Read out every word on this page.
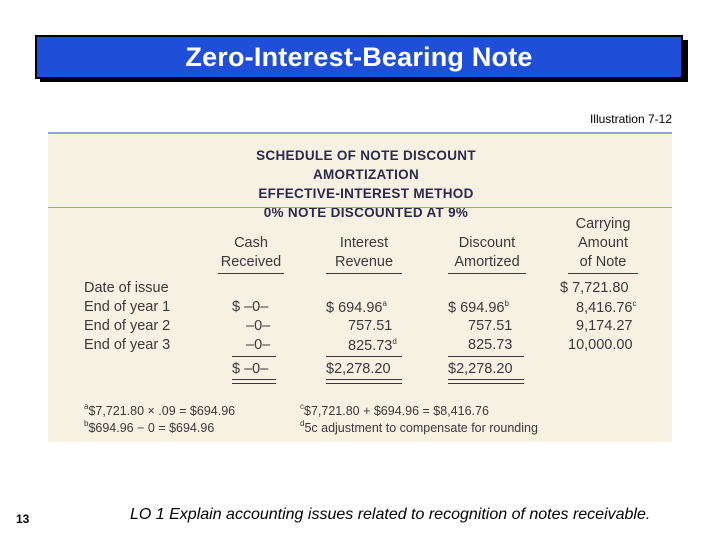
Zero-Interest-Bearing Note
Illustration 7-12
SCHEDULE OF NOTE DISCOUNT AMORTIZATION
EFFECTIVE-INTEREST METHOD
0% NOTE DISCOUNTED AT 9%
Cash
Received
Interest
Revenue
Discount
Amortized
Carrying
Amount
of Note
Date of issue
End of year 1
End of year 2
End of year 3
$ –0–
–0–
–0–
$ –0–
$ 694.96$^a$
757.51
825.73$^d$
$2,278.20
$ 694.96$^b$
757.51
825.73
$2,278.20
$ 7,721.80
8,416.76$^c$
9,174.27
10,000.00
$^a$\$7,721.80 × .09 = $694.96
$^b$\$694.96 − 0 = $694.96
$^c$\$7,721.80 + $694.96 = $8,416.76
$^d$5c adjustment to compensate for rounding
13	LO 1 Explain accounting issues related to recognition of notes receivable.
